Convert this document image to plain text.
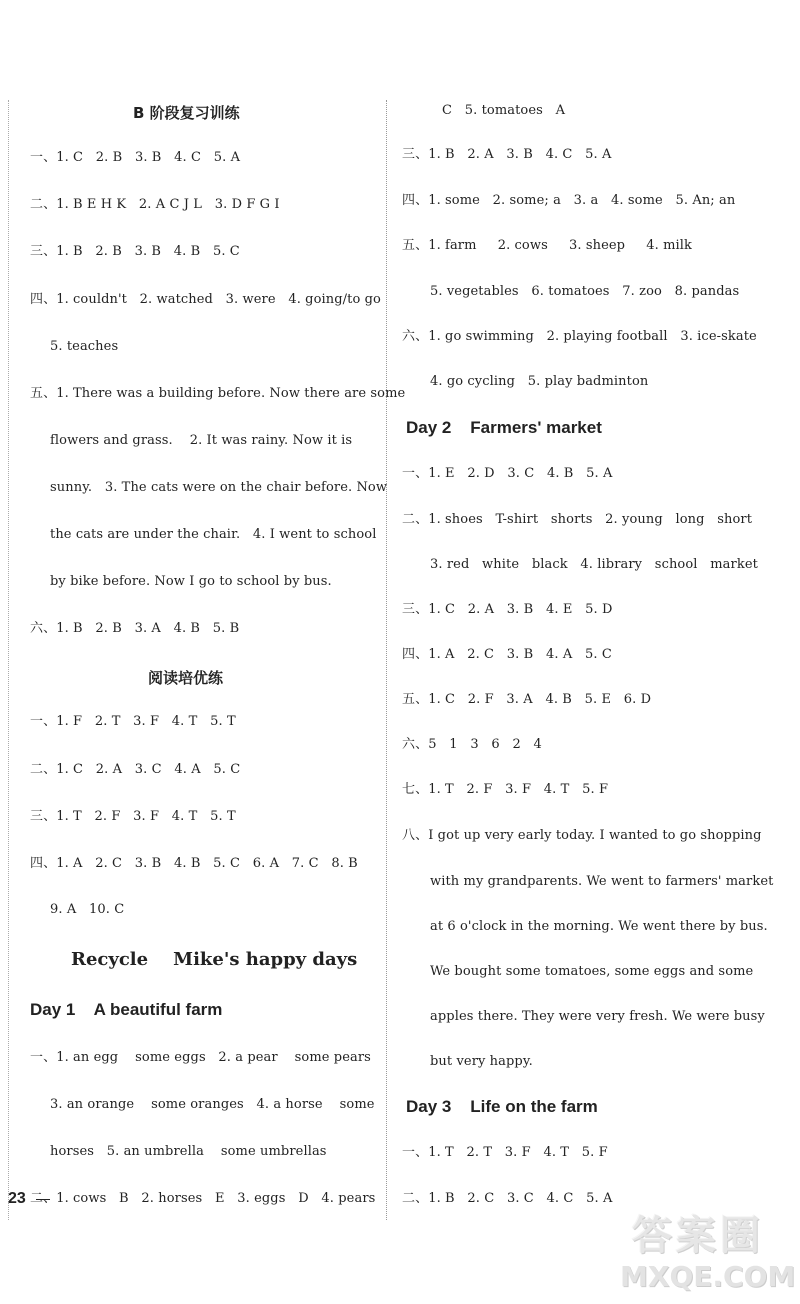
B 阶段复习训练
一、1. C   2. B   3. B   4. C   5. A
二、1. B E H K   2. A C J L   3. D F G I
三、1. B   2. B   3. B   4. B   5. C
四、1. couldn't   2. watched   3. were   4. going/to go
5. teaches
五、1. There was a building before. Now there are some
flowers and grass.    2. It was rainy. Now it is
sunny.   3. The cats were on the chair before. Now
the cats are under the chair.   4. I went to school
by bike before. Now I go to school by bus.
六、1. B   2. B   3. A   4. B   5. B
阅读培优练
一、1. F   2. T   3. F   4. T   5. T
二、1. C   2. A   3. C   4. A   5. C
三、1. T   2. F   3. F   4. T   5. T
四、1. A   2. C   3. B   4. B   5. C   6. A   7. C   8. B
9. A   10. C
Recycle    Mike's happy days
Day 1    A beautiful farm
一、1. an egg    some eggs   2. a pear    some pears
3. an orange    some oranges   4. a horse    some
horses   5. an umbrella    some umbrellas
二、1. cows   B   2. horses   E   3. eggs   D   4. pears
23
C   5. tomatoes   A
三、1. B   2. A   3. B   4. C   5. A
四、1. some   2. some; a   3. a   4. some   5. An; an
五、1. farm     2. cows     3. sheep     4. milk
5. vegetables   6. tomatoes   7. zoo   8. pandas
六、1. go swimming   2. playing football   3. ice-skate
4. go cycling   5. play badminton
Day 2    Farmers' market
一、1. E   2. D   3. C   4. B   5. A
二、1. shoes   T-shirt   shorts   2. young   long   short
3. red   white   black   4. library   school   market
三、1. C   2. A   3. B   4. E   5. D
四、1. A   2. C   3. B   4. A   5. C
五、1. C   2. F   3. A   4. B   5. E   6. D
六、5   1   3   6   2   4
七、1. T   2. F   3. F   4. T   5. F
八、I got up very early today. I wanted to go shopping
with my grandparents. We went to farmers' market
at 6 o'clock in the morning. We went there by bus.
We bought some tomatoes, some eggs and some
apples there. They were very fresh. We were busy
but very happy.
Day 3    Life on the farm
一、1. T   2. T   3. F   4. T   5. F
二、1. B   2. C   3. C   4. C   5. A
答案圈
MXQE.COM
